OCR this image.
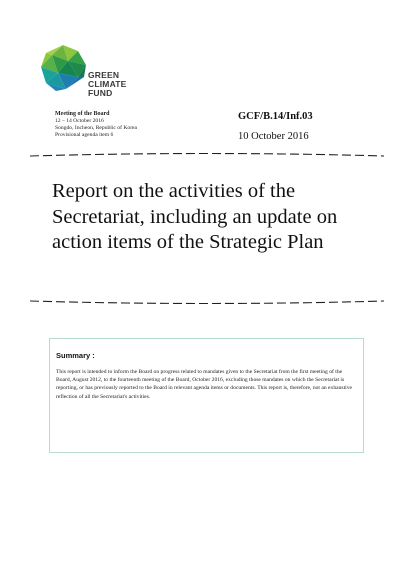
GREEN
CLIMATE
FUND
Meeting of the Board
12 – 14 October 2016
Songdo, Incheon, Republic of Korea
Provisional agenda item 6
GCF/B.14/Inf.03
10 October 2016
Report on the activities of the Secretariat, including an update on action items of the Strategic Plan

Summary :

This report is intended to inform the Board on progress related to mandates given to the Secretariat from the first meeting of the Board, August 2012, to the fourteenth meeting of the Board, October 2016, excluding those mandates on which the Secretariat is reporting, or has previously reported to the Board in relevant agenda items or documents. This report is, therefore, not an exhaustive reflection of all the Secretariat's activities.
